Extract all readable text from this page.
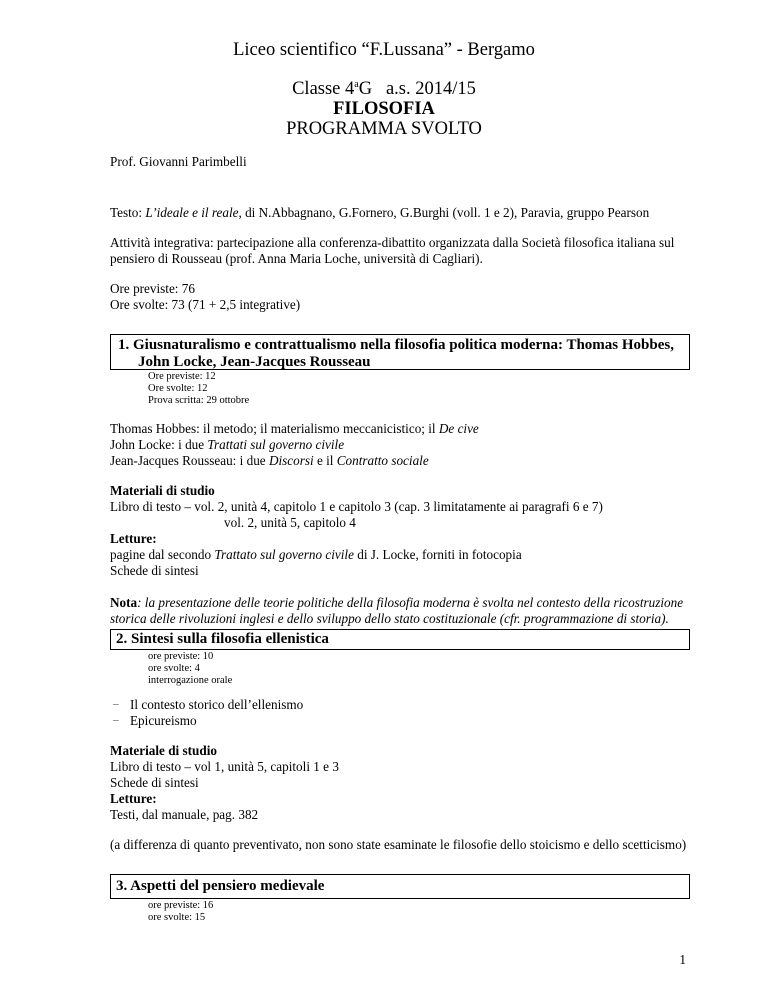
Liceo scientifico “F.Lussana” - Bergamo
Classe 4$^a$G   a.s. 2014/15
FILOSOFIA
PROGRAMMA SVOLTO
Prof. Giovanni Parimbelli
Testo: L’ideale e il reale, di N.Abbagnano, G.Fornero, G.Burghi (voll. 1 e 2), Paravia, gruppo Pearson
Attività integrativa: partecipazione alla conferenza-dibattito organizzata dalla Società filosofica italiana sul
pensiero di Rousseau (prof. Anna Maria Loche, università di Cagliari).
Ore previste: 76
Ore svolte: 73 (71 + 2,5 integrative)
1. Giusnaturalismo e contrattualismo nella filosofia politica moderna: Thomas Hobbes,
John Locke, Jean-Jacques Rousseau
Ore previste: 12
Ore svolte: 12
Prova scritta: 29 ottobre
Thomas Hobbes: il metodo; il materialismo meccanicistico; il De cive
John Locke: i due Trattati sul governo civile
Jean-Jacques Rousseau: i due Discorsi e il Contratto sociale
Materiali di studio
Libro di testo – vol. 2, unità 4, capitolo 1 e capitolo 3 (cap. 3 limitatamente ai paragrafi 6 e 7)
vol. 2, unità 5, capitolo 4
Letture:
pagine dal secondo Trattato sul governo civile di J. Locke, forniti in fotocopia
Schede di sintesi
Nota: la presentazione delle teorie politiche della filosofia moderna è svolta nel contesto della ricostruzione
storica delle rivoluzioni inglesi e dello sviluppo dello stato costituzionale (cfr. programmazione di storia).
2. Sintesi sulla filosofia ellenistica
ore previste: 10
ore svolte: 4
interrogazione orale
– Il contesto storico dell’ellenismo
– Epicureismo
Materiale di studio
Libro di testo – vol 1, unità 5, capitoli 1 e 3
Schede di sintesi
Letture:
Testi, dal manuale, pag. 382
(a differenza di quanto preventivato, non sono state esaminate le filosofie dello stoicismo e dello scetticismo)
3. Aspetti del pensiero medievale
ore previste: 16
ore svolte: 15
1
